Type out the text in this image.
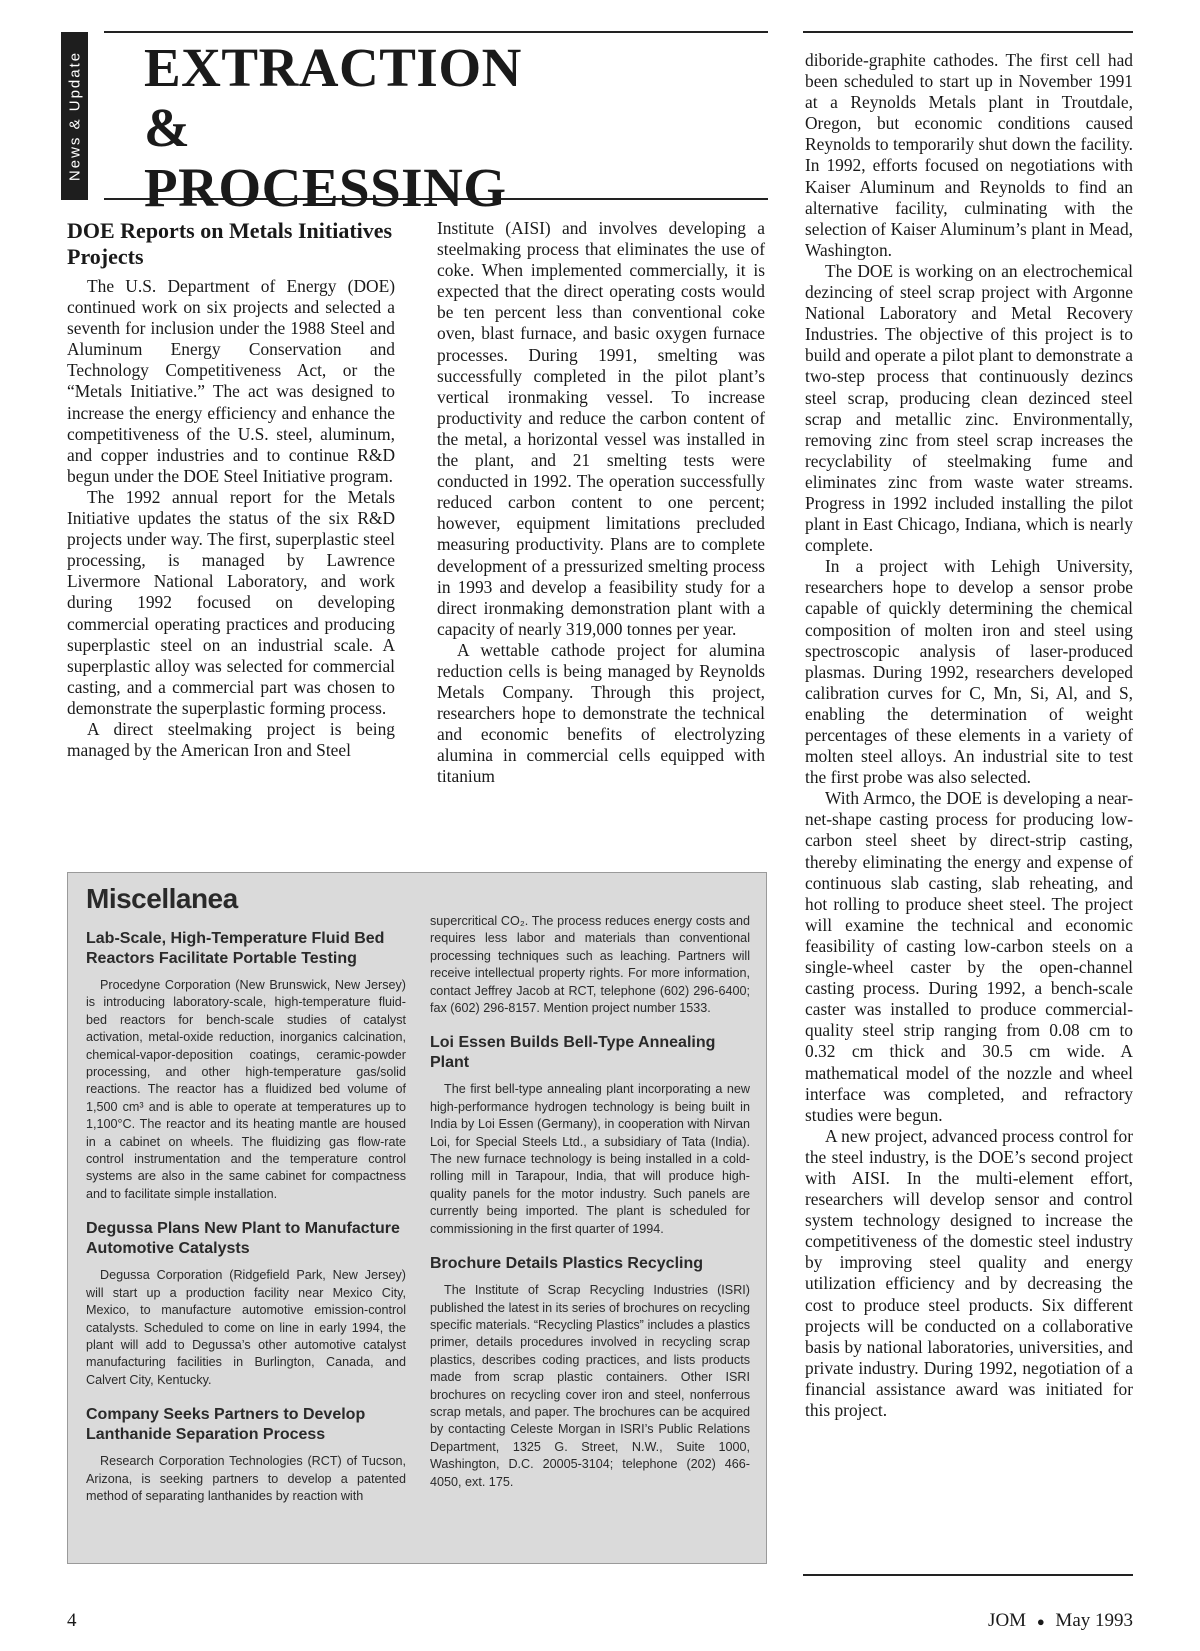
News & Update EXTRACTION
&
PROCESSING
DOE Reports on Metals Initiatives Projects

The U.S. Department of Energy (DOE) continued work on six projects and selected a seventh for inclusion under the 1988 Steel and Aluminum Energy Conservation and Technology Competitiveness Act, or the “Metals Initiative.” The act was designed to increase the energy efficiency and enhance the competitiveness of the U.S. steel, aluminum, and copper industries and to continue R&D begun under the DOE Steel Initiative program.

The 1992 annual report for the Metals Initiative updates the status of the six R&D projects under way. The first, superplastic steel processing, is managed by Lawrence Livermore National Laboratory, and work during 1992 focused on developing commercial operating practices and producing superplastic steel on an industrial scale. A superplastic alloy was selected for commercial casting, and a commercial part was chosen to demonstrate the superplastic forming process.

A direct steelmaking project is being managed by the American Iron and Steel

Institute (AISI) and involves developing a steelmaking process that eliminates the use of coke. When implemented commercially, it is expected that the direct operating costs would be ten percent less than conventional coke oven, blast furnace, and basic oxygen furnace processes. During 1991, smelting was successfully completed in the pilot plant’s vertical ironmaking vessel. To increase productivity and reduce the carbon content of the metal, a horizontal vessel was installed in the plant, and 21 smelting tests were conducted in 1992. The operation successfully reduced carbon content to one percent; however, equipment limitations precluded measuring productivity. Plans are to complete development of a pressurized smelting process in 1993 and develop a feasibility study for a direct ironmaking demonstration plant with a capacity of nearly 319,000 tonnes per year.

A wettable cathode project for alumina reduction cells is being managed by Reynolds Metals Company. Through this project, researchers hope to demonstrate the technical and economic benefits of electrolyzing alumina in commercial cells equipped with titanium

diboride-graphite cathodes. The first cell had been scheduled to start up in November 1991 at a Reynolds Metals plant in Troutdale, Oregon, but economic conditions caused Reynolds to temporarily shut down the facility. In 1992, efforts focused on negotiations with Kaiser Aluminum and Reynolds to find an alternative facility, culminating with the selection of Kaiser Aluminum’s plant in Mead, Washington.

The DOE is working on an electrochemical dezincing of steel scrap project with Argonne National Laboratory and Metal Recovery Industries. The objective of this project is to build and operate a pilot plant to demonstrate a two-step process that continuously dezincs steel scrap, producing clean dezinced steel scrap and metallic zinc. Environmentally, removing zinc from steel scrap increases the recyclability of steelmaking fume and eliminates zinc from waste water streams. Progress in 1992 included installing the pilot plant in East Chicago, Indiana, which is nearly complete.

In a project with Lehigh University, researchers hope to develop a sensor probe capable of quickly determining the chemical composition of molten iron and steel using spectroscopic analysis of laser-produced plasmas. During 1992, researchers developed calibration curves for C, Mn, Si, Al, and S, enabling the determination of weight percentages of these elements in a variety of molten steel alloys. An industrial site to test the first probe was also selected.

With Armco, the DOE is developing a near-net-shape casting process for producing low-carbon steel sheet by direct-strip casting, thereby eliminating the energy and expense of continuous slab casting, slab reheating, and hot rolling to produce sheet steel. The project will examine the technical and economic feasibility of casting low-carbon steels on a single-wheel caster by the open-channel casting process. During 1992, a bench-scale caster was installed to produce commercial-quality steel strip ranging from 0.08 cm to 0.32 cm thick and 30.5 cm wide. A mathematical model of the nozzle and wheel interface was completed, and refractory studies were begun.

A new project, advanced process control for the steel industry, is the DOE’s second project with AISI. In the multi-element effort, researchers will develop sensor and control system technology designed to increase the competitiveness of the domestic steel industry by improving steel quality and energy utilization efficiency and by decreasing the cost to produce steel products. Six different projects will be conducted on a collaborative basis by national laboratories, universities, and private industry. During 1992, negotiation of a financial assistance award was initiated for this project.

Miscellanea
Lab-Scale, High-Temperature Fluid Bed Reactors Facilitate Portable Testing

Procedyne Corporation (New Brunswick, New Jersey) is introducing laboratory-scale, high-temperature fluid-bed reactors for bench-scale studies of catalyst activation, metal-oxide reduction, inorganics calcination, chemical-vapor-deposition coatings, ceramic-powder processing, and other high-temperature gas/solid reactions. The reactor has a fluidized bed volume of 1,500 cm³ and is able to operate at temperatures up to 1,100°C. The reactor and its heating mantle are housed in a cabinet on wheels. The fluidizing gas flow-rate control instrumentation and the temperature control systems are also in the same cabinet for compactness and to facilitate simple installation.

Degussa Plans New Plant to Manufacture Automotive Catalysts

Degussa Corporation (Ridgefield Park, New Jersey) will start up a production facility near Mexico City, Mexico, to manufacture automotive emission-control catalysts. Scheduled to come on line in early 1994, the plant will add to Degussa’s other automotive catalyst manufacturing facilities in Burlington, Canada, and Calvert City, Kentucky.

Company Seeks Partners to Develop Lanthanide Separation Process

Research Corporation Technologies (RCT) of Tucson, Arizona, is seeking partners to develop a patented method of separating lanthanides by reaction with

supercritical CO₂. The process reduces energy costs and requires less labor and materials than conventional processing techniques such as leaching. Partners will receive intellectual property rights. For more information, contact Jeffrey Jacob at RCT, telephone (602) 296-6400; fax (602) 296-8157. Mention project number 1533.

Loi Essen Builds Bell-Type Annealing Plant

The first bell-type annealing plant incorporating a new high-performance hydrogen technology is being built in India by Loi Essen (Germany), in cooperation with Nirvan Loi, for Special Steels Ltd., a subsidiary of Tata (India). The new furnace technology is being installed in a cold-rolling mill in Tarapour, India, that will produce high-quality panels for the motor industry. Such panels are currently being imported. The plant is scheduled for commissioning in the first quarter of 1994.

Brochure Details Plastics Recycling

The Institute of Scrap Recycling Industries (ISRI) published the latest in its series of brochures on recycling specific materials. “Recycling Plastics” includes a plastics primer, details procedures involved in recycling scrap plastics, describes coding practices, and lists products made from scrap plastic containers. Other ISRI brochures on recycling cover iron and steel, nonferrous scrap metals, and paper. The brochures can be acquired by contacting Celeste Morgan in ISRI’s Public Relations Department, 1325 G. Street, N.W., Suite 1000, Washington, D.C. 20005-3104; telephone (202) 466-4050, ext. 175.

4	JOM ● May 1993
